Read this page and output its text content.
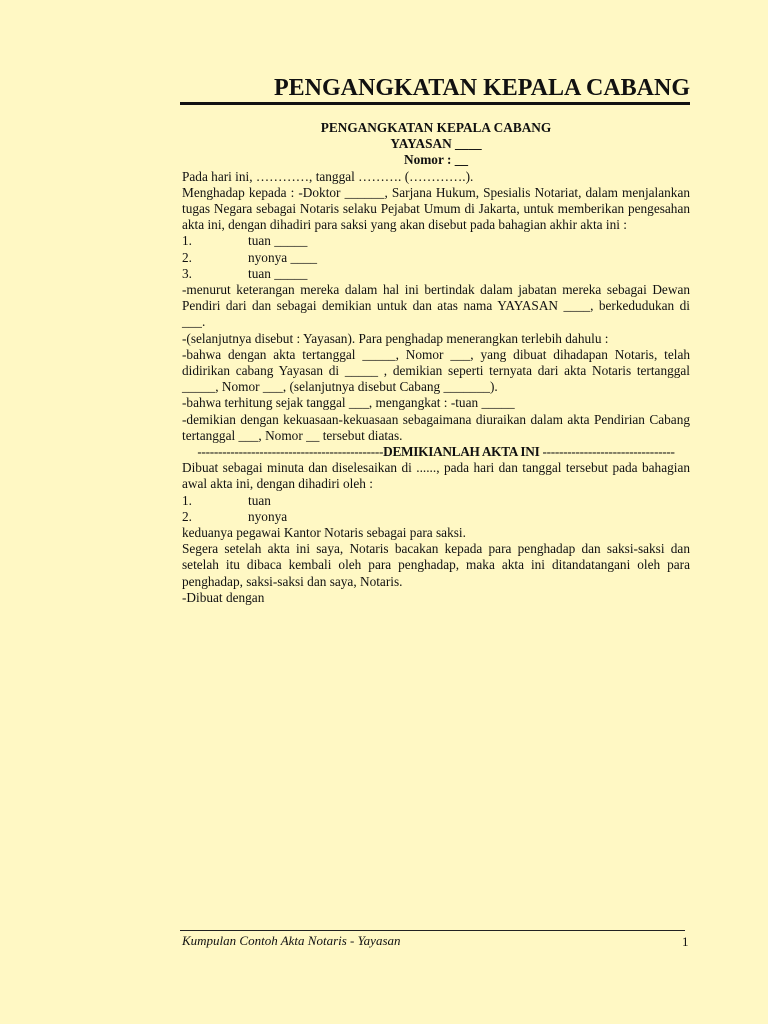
PENGANGKATAN KEPALA CABANG
PENGANGKATAN KEPALA CABANG
YAYASAN ____
Nomor : __
Pada hari ini, …………, tanggal ………. (………….).
Menghadap kepada : -Doktor ______, Sarjana Hukum, Spesialis Notariat, dalam menjalankan tugas Negara sebagai Notaris selaku Pejabat Umum di Jakarta, untuk memberikan pengesahan akta ini, dengan dihadiri para saksi yang akan disebut pada bahagian akhir akta ini :
1.	tuan _____
2.	nyonya ____
3.	tuan _____
-menurut keterangan mereka dalam hal ini bertindak dalam jabatan mereka sebagai Dewan Pendiri dari dan sebagai demikian untuk dan atas nama YAYASAN ____, berkedudukan di ___.
-(selanjutnya disebut : Yayasan). Para penghadap menerangkan terlebih dahulu :
-bahwa dengan akta tertanggal _____, Nomor ___, yang dibuat dihadapan Notaris, telah didirikan cabang Yayasan di _____ , demikian seperti ternyata dari akta Notaris tertanggal _____, Nomor ___, (selanjutnya disebut Cabang _______).
-bahwa terhitung sejak tanggal ___, mengangkat : -tuan _____
-demikian dengan kekuasaan-kekuasaan sebagaimana diuraikan dalam akta Pendirian Cabang tertanggal ___, Nomor __ tersebut diatas.
---------------------------------------------DEMIKIANLAH AKTA INI --------------------------------
Dibuat sebagai minuta dan diselesaikan di ......, pada hari dan tanggal tersebut pada bahagian awal akta ini, dengan dihadiri oleh :
1.	tuan
2.	nyonya
keduanya pegawai Kantor Notaris sebagai para saksi.
Segera setelah akta ini saya, Notaris bacakan kepada para penghadap dan saksi-saksi dan setelah itu dibaca kembali oleh para penghadap, maka akta ini ditandatangani oleh para penghadap, saksi-saksi dan saya, Notaris.
-Dibuat dengan
Kumpulan Contoh Akta Notaris - Yayasan	1
